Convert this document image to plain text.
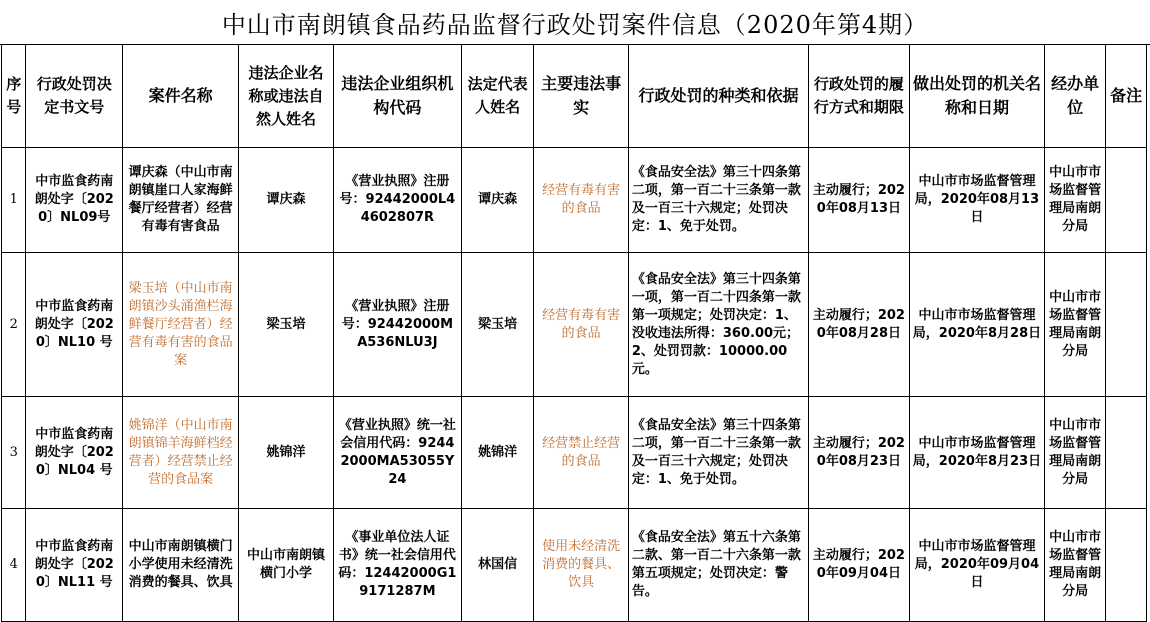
中山市南朗镇食品药品监督行政处罚案件信息（2020年第4期）
序号	行政处罚决定书文号	案件名称	违法企业名称或违法自然人姓名	违法企业组织机构代码	法定代表人姓名	主要违法事实	行政处罚的种类和依据	行政处罚的履行方式和期限	做出处罚的机关名称和日期	经办单位	备注
1	中市监食药南朗处字〔2020〕NL09号	谭庆森（中山市南朗镇崖口人家海鲜餐厅经营者）经营有毒有害食品	谭庆森	《营业执照》注册号：92442000L44602807R	谭庆森	经营有毒有害的食品	《食品安全法》第三十四条第二项，第一百二十三条第一款及一百三十六规定；处罚决定：1、免于处罚。	主动履行；2020年08月13日	中山市市场监督管理局，2020年08月13日	中山市市场监督管理局南朗分局	
2	中市监食药南朗处字〔2020〕NL10 号	梁玉培（中山市南朗镇沙头涌渔栏海鲜餐厅经营者）经营有毒有害的食品案	梁玉培	《营业执照》注册号：92442000MA536NLU3J	梁玉培	经营有毒有害的食品	《食品安全法》第三十四条第一项，第一百二十四条第一款第一项规定；处罚决定：1、没收违法所得：360.00元；2、处罚罚款：10000.00元。	主动履行；2020年08月28日	中山市市场监督管理局，2020年8月28日	中山市市场监督管理局南朗分局	
3	中市监食药南朗处字〔2020〕NL04 号	姚锦洋（中山市南朗镇锦羊海鲜档经营者）经营禁止经营的食品案	姚锦洋	《营业执照》统一社会信用代码：92442000MA53055Y24	姚锦洋	经营禁止经营的食品	《食品安全法》第三十四条第二项，第一百二十三条第一款及一百三十六规定；处罚决定：1、免于处罚。	主动履行；2020年08月23日	中山市市场监督管理局，2020年8月23日	中山市市场监督管理局南朗分局	
4	中市监食药南朗处字〔2020〕NL11 号	中山市南朗镇横门小学使用未经清洗消费的餐具、饮具	中山市南朗镇横门小学	《事业单位法人证书》统一社会信用代码：12442000G19171287M	林国信	使用未经清洗消费的餐具、饮具	《食品安全法》第五十六条第二款、第一百二十六条第一款第五项规定；处罚决定：警告。	主动履行；2020年09月04日	中山市市场监督管理局，2020年09月04日	中山市市场监督管理局南朗分局	
